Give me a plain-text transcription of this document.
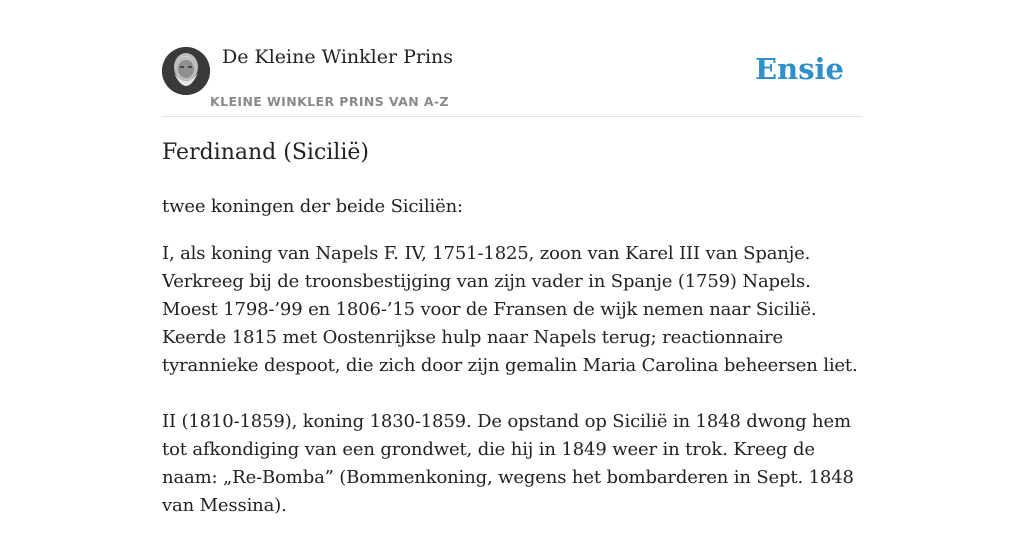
De Kleine Winkler Prins
KLEINE WINKLER PRINS VAN A-Z
Ensie
Ferdinand (Sicilië)

twee koningen der beide Siciliën:

I, als koning van Napels F. IV, 1751-1825, zoon van Karel III van Spanje. Verkreeg bij de troonsbestijging van zijn vader in Spanje (1759) Napels. Moest 1798-’99 en 1806-’15 voor de Fransen de wijk nemen naar Sicilië. Keerde 1815 met Oostenrijkse hulp naar Napels terug; reactionnaire tyrannieke despoot, die zich door zijn gemalin Maria Carolina beheersen liet.

II (1810-1859), koning 1830-1859. De opstand op Sicilië in 1848 dwong hem tot afkondiging van een grondwet, die hij in 1849 weer in trok. Kreeg de naam: „Re-Bomba” (Bommenkoning, wegens het bombarderen in Sept. 1848 van Messina).
